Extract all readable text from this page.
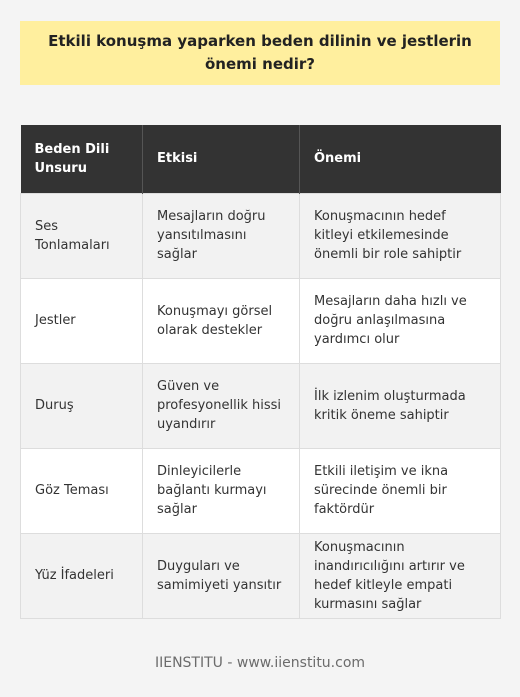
Etkili konuşma yaparken beden dilinin ve jestlerin önemi nedir?
Beden Dili Unsuru	Etkisi	Önemi
Ses Tonlamaları	Mesajların doğru yansıtılmasını sağlar	Konuşmacının hedef kitleyi etkilemesinde önemli bir role sahiptir
Jestler	Konuşmayı görsel olarak destekler	Mesajların daha hızlı ve doğru anlaşılmasına yardımcı olur
Duruş	Güven ve profesyonellik hissi uyandırır	İlk izlenim oluşturmada kritik öneme sahiptir
Göz Teması	Dinleyicilerle bağlantı kurmayı sağlar	Etkili iletişim ve ikna sürecinde önemli bir faktördür
Yüz İfadeleri	Duyguları ve samimiyeti yansıtır	Konuşmacının inandırıcılığını artırır ve hedef kitleyle empati kurmasını sağlar
IIENSTITU - www.iienstitu.com
